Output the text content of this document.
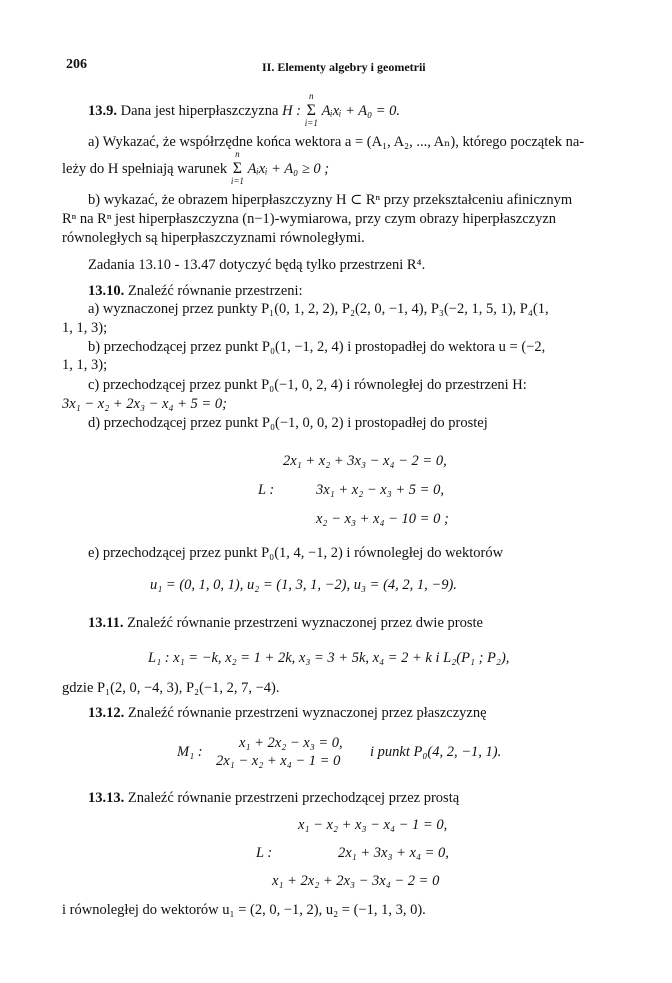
206	II. Elementy algebry i geometrii
13.9. Dana jest hiperpłaszczyzna H : Σ
n
i=1
Aᵢxᵢ + A₀ = 0.
a) Wykazać, że współrzędne końca wektora a = (A₁, A₂, ..., Aₙ), którego początek na-
leży do H spełniają warunek Σ
n
i=1
Aᵢxᵢ + A₀ ≥ 0 ;
b) wykazać, że obrazem hiperpłaszczyzny H ⊂ Rⁿ przy przekształceniu afinicznym
Rⁿ na Rⁿ jest hiperpłaszczyzna (n−1)-wymiarowa, przy czym obrazy hiperpłaszczyzn
równoległych są hiperpłaszczyznami równoległymi.
Zadania 13.10 - 13.47 dotyczyć będą tylko przestrzeni R⁴.
13.10. Znaleźć równanie przestrzeni:
a) wyznaczonej przez punkty P₁(0, 1, 2, 2), P₂(2, 0, −1, 4), P₃(−2, 1, 5, 1), P₄(1,
1, 1, 3);
b) przechodzącej przez punkt P₀(1, −1, 2, 4) i prostopadłej do wektora u = (−2,
1, 1, 3);
c) przechodzącej przez punkt P₀(−1, 0, 2, 4) i równoległej do przestrzeni H:
3x₁ − x₂ + 2x₃ − x₄ + 5 = 0;
d) przechodzącej przez punkt P₀(−1, 0, 0, 2) i prostopadłej do prostej
2x₁ + x₂ + 3x₃ − x₄ − 2 = 0,
L :	3x₁ + x₂ − x₃ + 5 = 0,
x₂ − x₃ + x₄ − 10 = 0 ;
e) przechodzącej przez punkt P₀(1, 4, −1, 2) i równoległej do wektorów
u₁ = (0, 1, 0, 1), u₂ = (1, 3, 1, −2), u₃ = (4, 2, 1, −9).
13.11. Znaleźć równanie przestrzeni wyznaczonej przez dwie proste
L₁ : x₁ = −k, x₂ = 1 + 2k, x₃ = 3 + 5k, x₄ = 2 + k i L₂(P₁ ; P₂),
gdzie P₁(2, 0, −4, 3), P₂(−1, 2, 7, −4).
13.12. Znaleźć równanie przestrzeni wyznaczonej przez płaszczyznę
x₁ + 2x₂ − x₃ = 0,
M₁ :
2x₁ − x₂ + x₄ − 1 = 0
i punkt P₀(4, 2, −1, 1).
13.13. Znaleźć równanie przestrzeni przechodzącej przez prostą
x₁ − x₂ + x₃ − x₄ − 1 = 0,
L :	2x₁ + 3x₃ + x₄ = 0,
x₁ + 2x₂ + 2x₃ − 3x₄ − 2 = 0
i równoległej do wektorów u₁ = (2, 0, −1, 2), u₂ = (−1, 1, 3, 0).
